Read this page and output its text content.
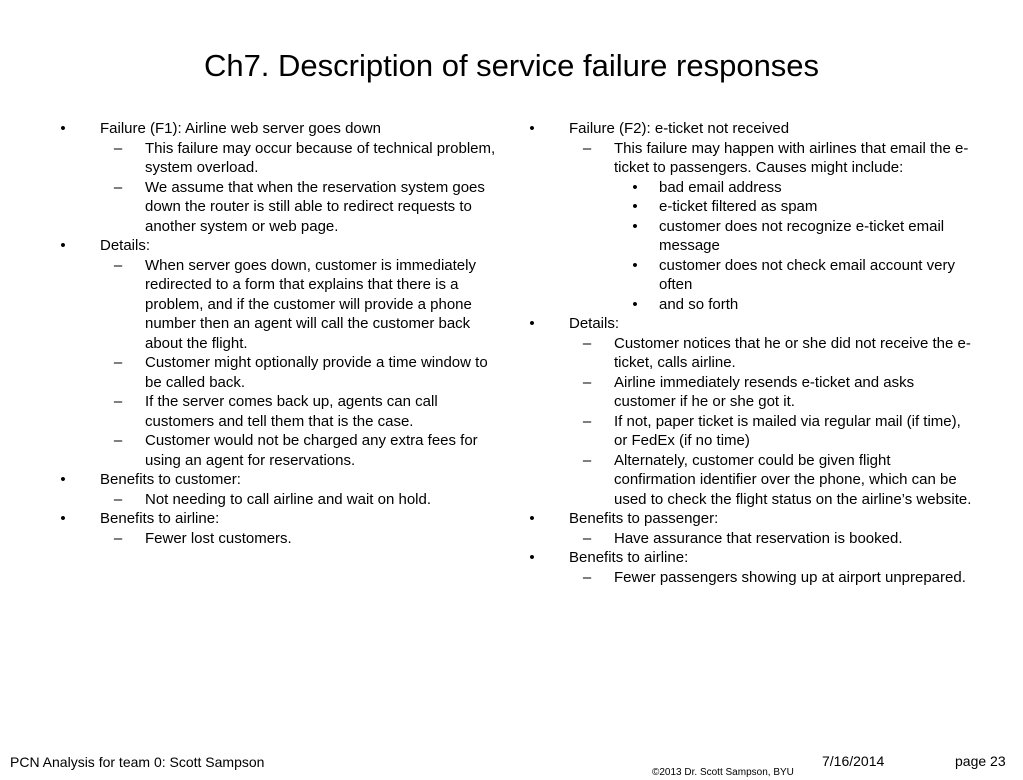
Ch7. Description of service failure responses
• Failure (F1): Airline web server goes down
– This failure may occur because of technical problem, system overload.
– We assume that when the reservation system goes down the router is still able to redirect requests to another system or web page.
• Details:
– When server goes down, customer is immediately redirected to a form that explains that there is a problem, and if the customer will provide a phone number then an agent will call the customer back about the flight.
– Customer might optionally provide a time window to be called back.
– If the server comes back up, agents can call customers and tell them that is the case.
– Customer would not be charged any extra fees for using an agent for reservations.
• Benefits to customer:
– Not needing to call airline and wait on hold.
• Benefits to airline:
– Fewer lost customers.
• Failure (F2): e-ticket not received
– This failure may happen with airlines that email the e-ticket to passengers. Causes might include:
• bad email address
• e-ticket filtered as spam
• customer does not recognize e-ticket email message
• customer does not check email account very often
• and so forth
• Details:
– Customer notices that he or she did not receive the e-ticket, calls airline.
– Airline immediately resends e-ticket and asks customer if he or she got it.
– If not, paper ticket is mailed via regular mail (if time), or FedEx (if no time)
– Alternately, customer could be given flight confirmation identifier over the phone, which can be used to check the flight status on the airline’s website.
• Benefits to passenger:
– Have assurance that reservation is booked.
• Benefits to airline:
– Fewer passengers showing up at airport unprepared.
PCN Analysis for team 0: Scott Sampson
©2013 Dr. Scott Sampson, BYU
7/16/2014	page 23
